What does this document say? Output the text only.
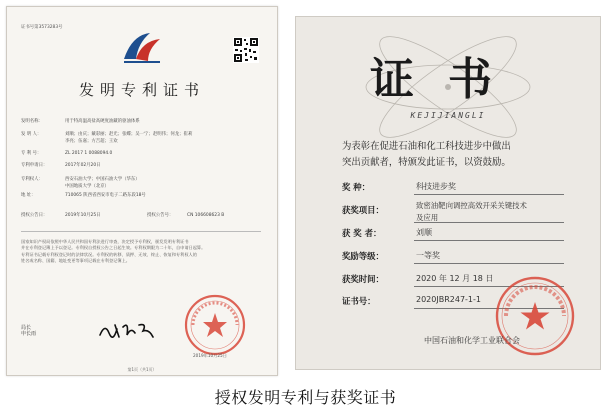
证书号第3573283号
发明专利证书
发明名称：	用于特高温高盐高硬度油藏的驱油体系
发 明 人：	刘顺；由庆；戴彩丽；赵光；张蝶；吴一宁；赵明伟；何龙；崔莉
李亮；伍嘉；方吉超；王欢
专 利 号：	ZL 2017 1 0088094.0
专利申请日：	2017年02月20日
专利权人：	西安石油大学；中国石油大学（华东）
中国地质大学（北京）
地 址：	710065 陕西省西安市电子二路东段18号
授权公告日：	2019年10月25日	授权公告号：	CN 106608623 B
国家知识产权局依照中华人民共和国专利法进行审查，决定授予专利权，颁发发明专利证书
并在专利登记簿上予以登记。专利权自授权公告之日起生效。专利权期限为二十年，自申请日起算。
专利证书记载专利权登记时的法律状况。专利权的转移、质押、无效、终止、恢复和专利权人的
姓名或名称、国籍、地址变更等事项记载在专利登记簿上。
局长
申长雨
2019年10月25日
第1页（共1页）
证书
KEJIJIANGLI
为表彰在促进石油和化工科技进步中做出
突出贡献者，特颁发此证书，以资鼓励。
奖 种：	科技进步奖
获奖项目：	致密油靶向调控高效开采关键技术
及应用
获 奖 者：	刘顺
奖励等级：	一等奖
获奖时间：	2020 年 12 月 18 日
证书号：	2020JBR247-1-1
中国石油和化学工业联合会
授权发明专利与获奖证书
